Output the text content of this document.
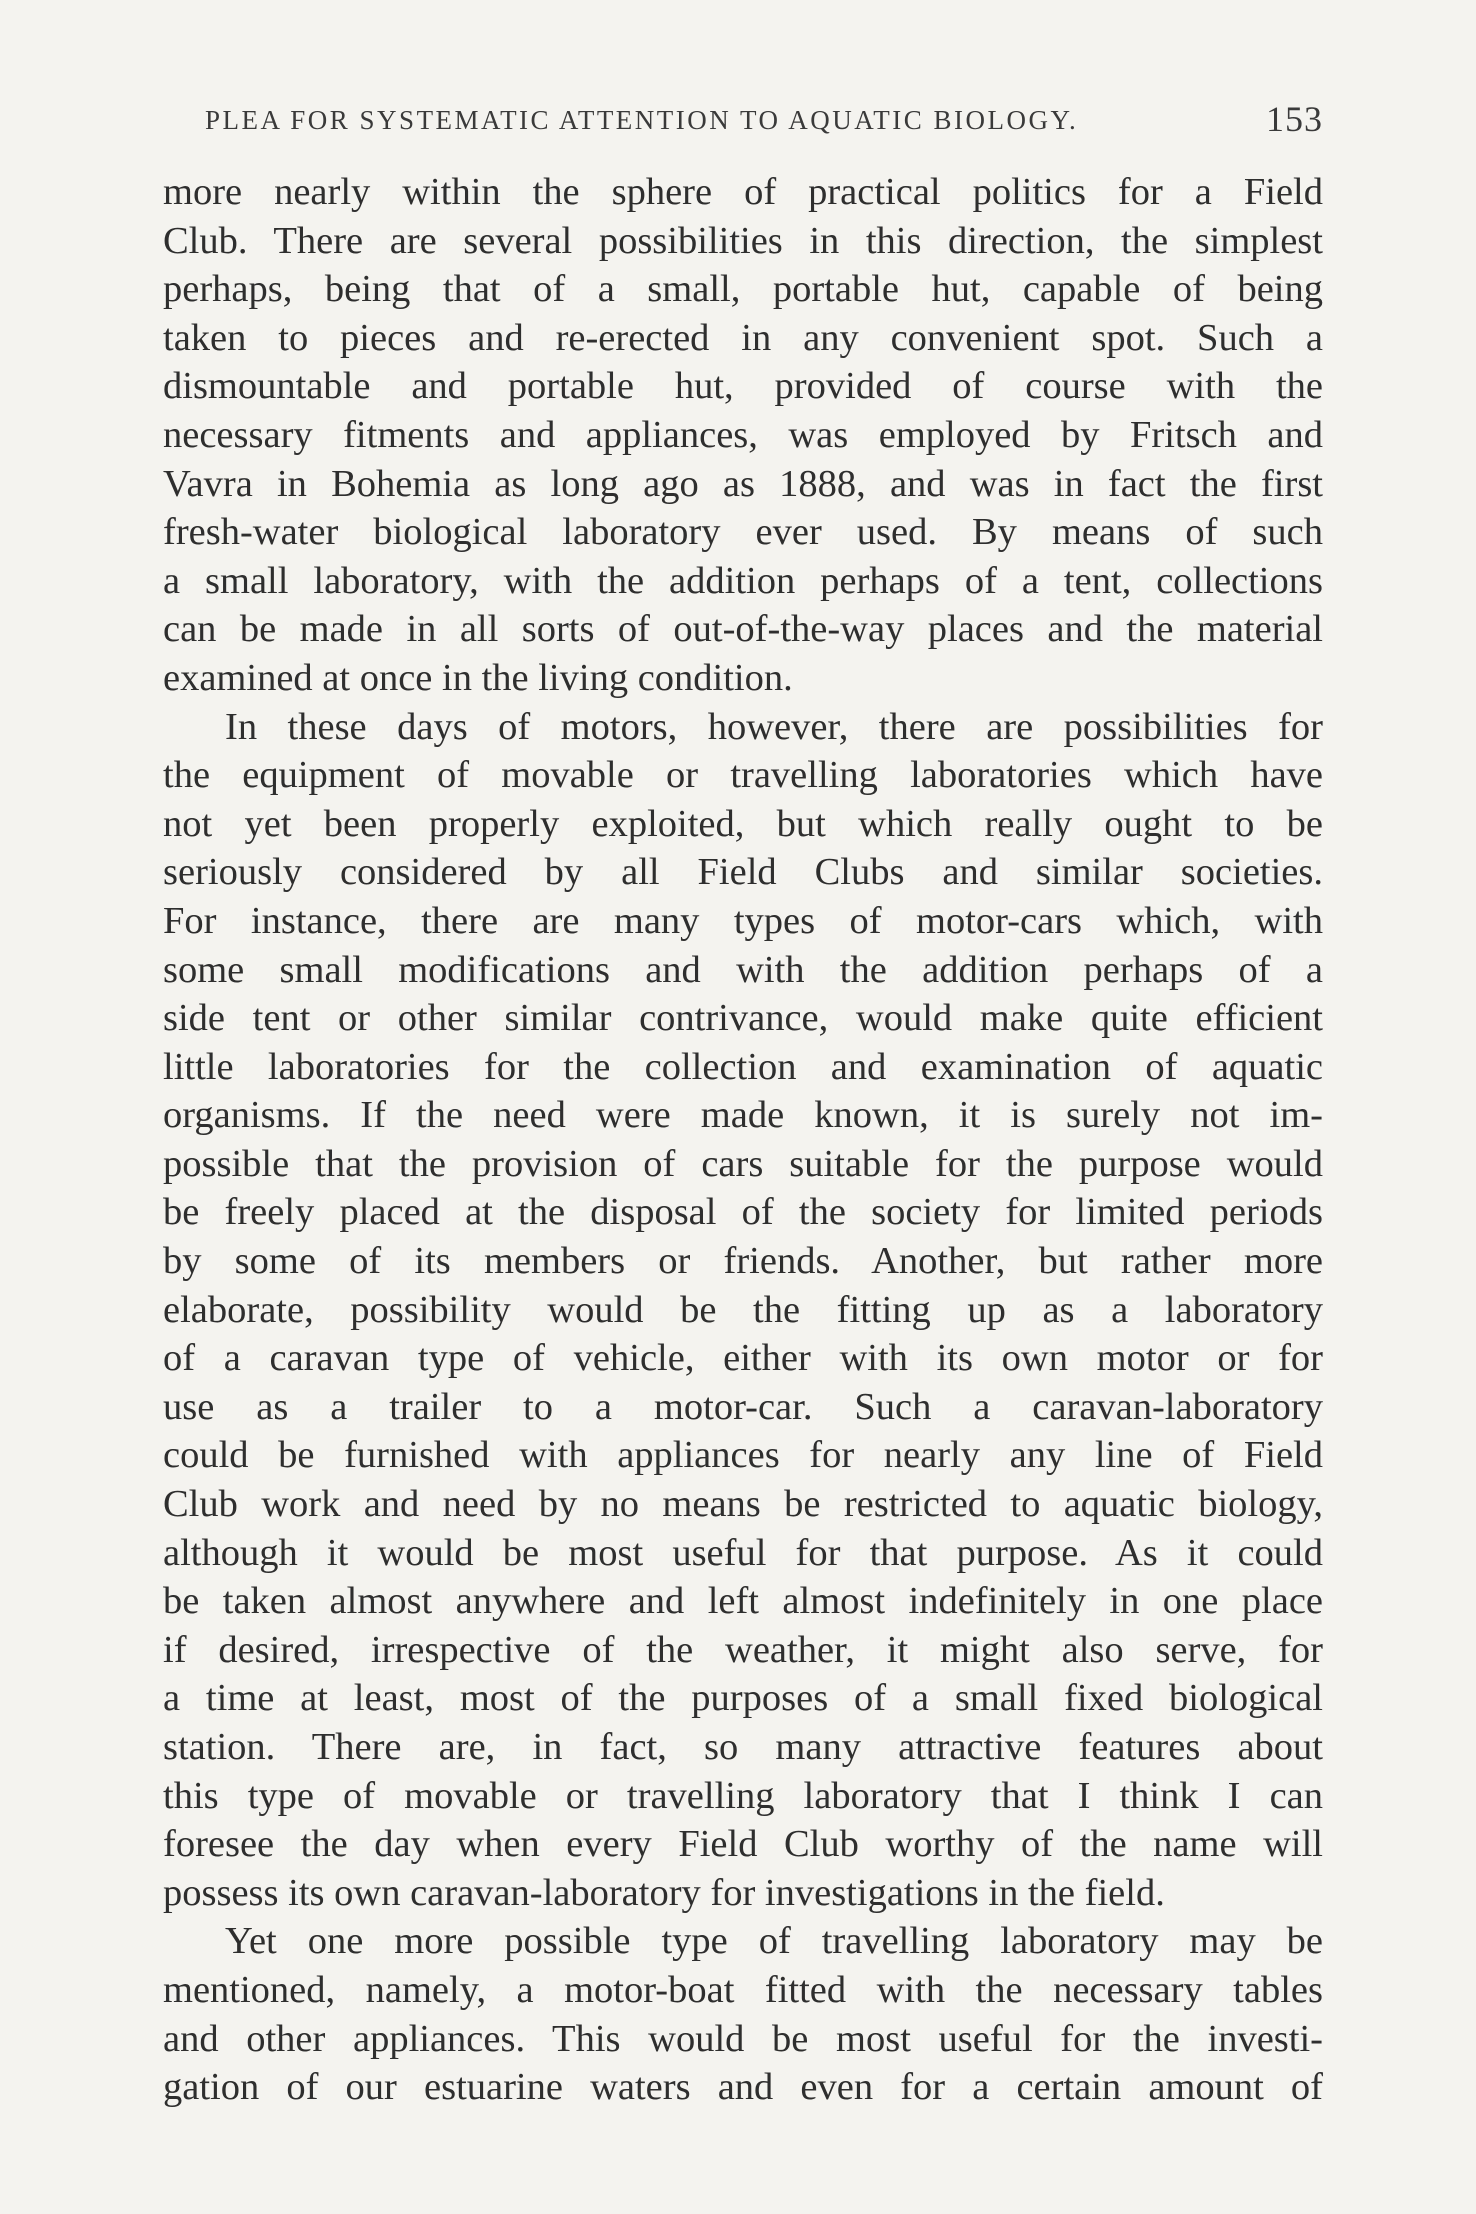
PLEA FOR SYSTEMATIC ATTENTION TO AQUATIC BIOLOGY.	153

more nearly within the sphere of practical politics for a Field
Club. There are several possibilities in this direction, the simplest
perhaps, being that of a small, portable hut, capable of being
taken to pieces and re-erected in any convenient spot. Such a
dismountable and portable hut, provided of course with the
necessary fitments and appliances, was employed by Fritsch and
Vavra in Bohemia as long ago as 1888, and was in fact the first
fresh-water biological laboratory ever used. By means of such
a small laboratory, with the addition perhaps of a tent, collections
can be made in all sorts of out-of-the-way places and the material
examined at once in the living condition.

In these days of motors, however, there are possibilities for
the equipment of movable or travelling laboratories which have
not yet been properly exploited, but which really ought to be
seriously considered by all Field Clubs and similar societies.
For instance, there are many types of motor-cars which, with
some small modifications and with the addition perhaps of a
side tent or other similar contrivance, would make quite efficient
little laboratories for the collection and examination of aquatic
organisms. If the need were made known, it is surely not im-
possible that the provision of cars suitable for the purpose would
be freely placed at the disposal of the society for limited periods
by some of its members or friends. Another, but rather more
elaborate, possibility would be the fitting up as a laboratory
of a caravan type of vehicle, either with its own motor or for
use as a trailer to a motor-car. Such a caravan-laboratory
could be furnished with appliances for nearly any line of Field
Club work and need by no means be restricted to aquatic biology,
although it would be most useful for that purpose. As it could
be taken almost anywhere and left almost indefinitely in one place
if desired, irrespective of the weather, it might also serve, for
a time at least, most of the purposes of a small fixed biological
station. There are, in fact, so many attractive features about
this type of movable or travelling laboratory that I think I can
foresee the day when every Field Club worthy of the name will
possess its own caravan-laboratory for investigations in the field.

Yet one more possible type of travelling laboratory may be
mentioned, namely, a motor-boat fitted with the necessary tables
and other appliances. This would be most useful for the investi-
gation of our estuarine waters and even for a certain amount of
